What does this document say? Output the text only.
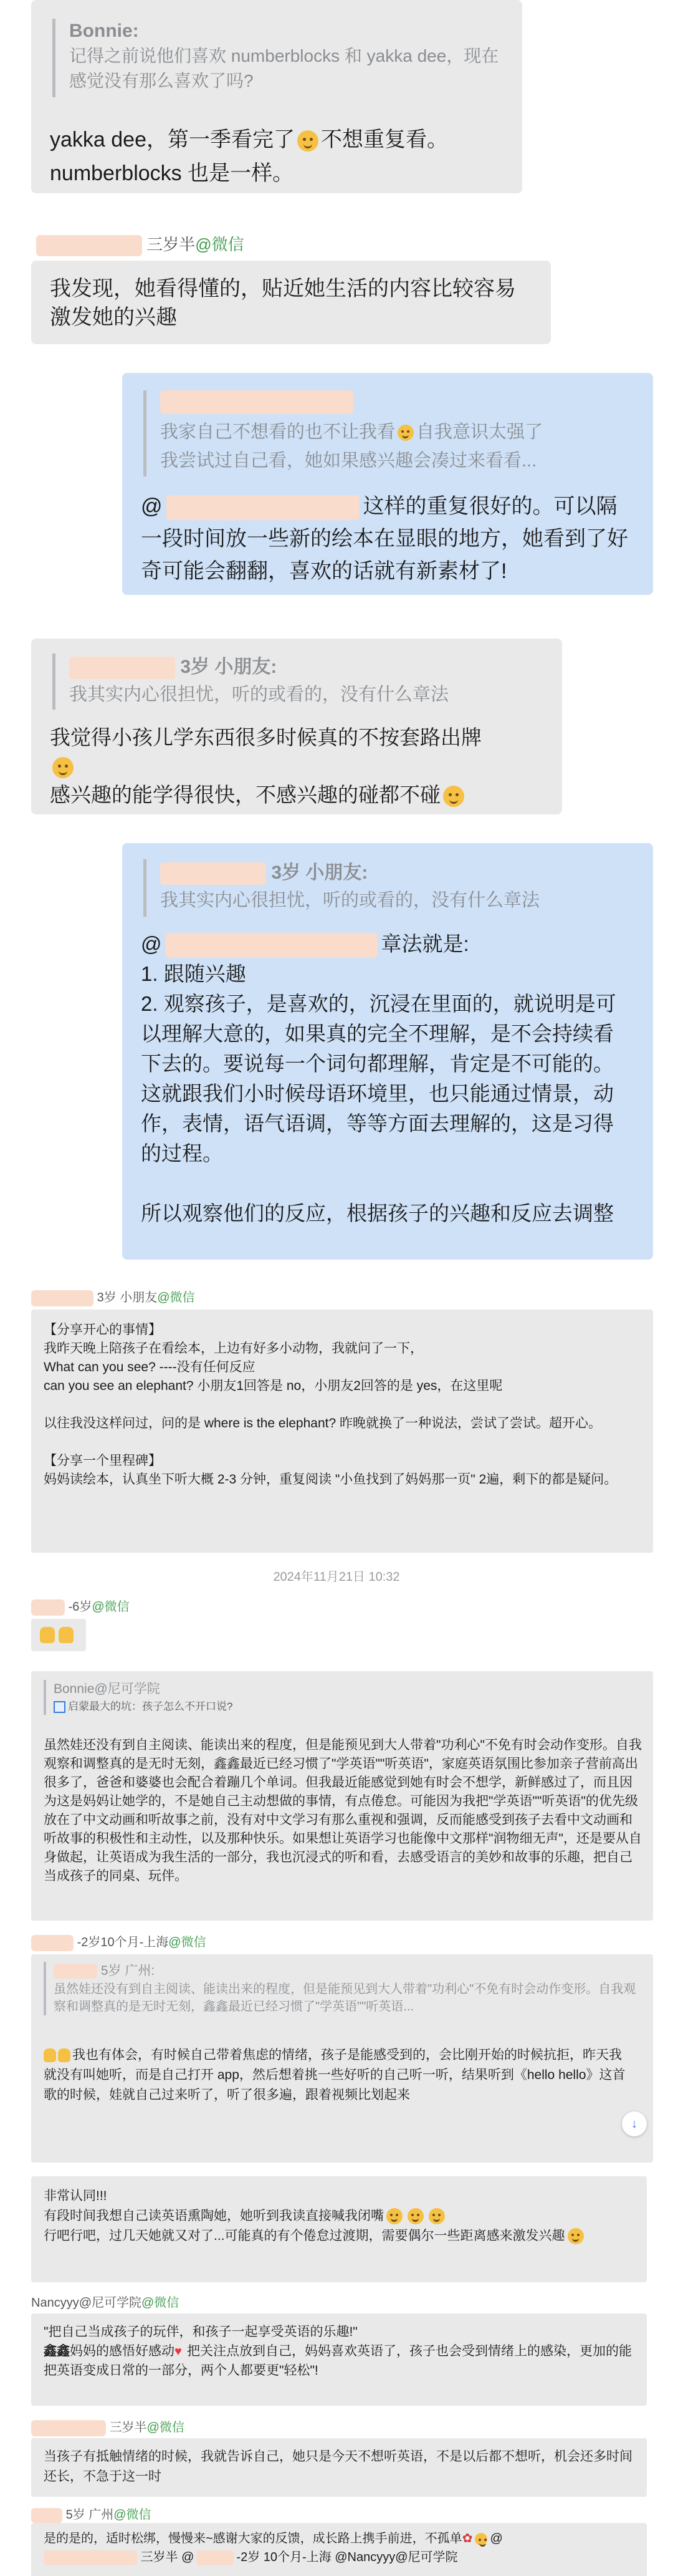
Bonnie:

记得之前说他们喜欢 numberblocks 和 yakka dee，现在感觉没有那么喜欢了吗?

yakka dee，第一季看完了 不想重复看。

numberblocks 也是一样。

三岁半@微信

我发现，她看得懂的，贴近她生活的内容比较容易激发她的兴趣

我家自己不想看的也不让我看 自我意识太强了

我尝试过自己看，她如果感兴趣会凑过来看看...

@	这样的重复很好的。可以隔一段时间放一些新的绘本在显眼的地方，她看到了好奇可能会翻翻，喜欢的话就有新素材了!

3岁 小朋友:

我其实内心很担忧，听的或看的，没有什么章法

我觉得小孩儿学东西很多时候真的不按套路出牌

感兴趣的能学得很快，不感兴趣的碰都不碰

3岁 小朋友:

我其实内心很担忧，听的或看的，没有什么章法

@	章法就是:

1. 跟随兴趣

2. 观察孩子，是喜欢的，沉浸在里面的，就说明是可以理解大意的，如果真的完全不理解，是不会持续看下去的。要说每一个词句都理解，肯定是不可能的。这就跟我们小时候母语环境里，也只能通过情景，动作，表情，语气语调，等等方面去理解的，这是习得的过程。

所以观察他们的反应，根据孩子的兴趣和反应去调整

3岁 小朋友@微信

【分享开心的事情】

我昨天晚上陪孩子在看绘本，上边有好多小动物，我就问了一下，

What can you see? ----没有任何反应

can you see an elephant? 小朋友1回答是 no，小朋友2回答的是 yes，在这里呢

以往我没这样问过，问的是 where is the elephant? 昨晚就换了一种说法，尝试了尝试。超开心。

【分享一个里程碑】

妈妈读绘本，认真坐下听大概 2-3 分钟，重复阅读 "小鱼找到了妈妈那一页" 2遍，剩下的都是疑问。

2024年11月21日 10:32

-6岁@微信

Bonnie@尼可学院

启蒙最大的坑：孩子怎么不开口说?

虽然娃还没有到自主阅读、能读出来的程度，但是能预见到大人带着"功利心"不免有时会动作变形。自我观察和调整真的是无时无刻，鑫鑫最近已经习惯了"学英语""听英语"，家庭英语氛围比参加亲子营前高出很多了，爸爸和婆婆也会配合着蹦几个单词。但我最近能感觉到她有时会不想学，新鲜感过了，而且因为这是妈妈让她学的，不是她自己主动想做的事情，有点倦怠。可能因为我把"学英语""听英语"的优先级放在了中文动画和听故事之前，没有对中文学习有那么重视和强调，反而能感受到孩子去看中文动画和听故事的积极性和主动性，以及那种快乐。如果想让英语学习也能像中文那样"润物细无声"，还是要从自身做起，让英语成为我生活的一部分，我也沉浸式的听和看，去感受语言的美妙和故事的乐趣，把自己当成孩子的同桌、玩伴。

-2岁10个月-上海@微信

5岁 广州:

虽然娃还没有到自主阅读、能读出来的程度，但是能预见到大人带着"功利心"不免有时会动作变形。自我观察和调整真的是无时无刻，鑫鑫最近已经习惯了"学英语""听英语...

我也有体会，有时候自己带着焦虑的情绪，孩子是能感受到的，会比刚开始的时候抗拒，昨天我就没有叫她听，而是自己打开 app，然后想着挑一些好听的自己听一听，结果听到《hello hello》这首歌的时候，娃就自己过来听了，听了很多遍，跟着视频比划起来

↓

非常认同!!!

有段时间我想自己读英语熏陶她，她听到我读直接喊我闭嘴

行吧行吧，过几天她就又对了...可能真的有个倦怠过渡期，需要偶尔一些距离感来激发兴趣

Nancyyy@尼可学院@微信

"把自己当成孩子的玩伴，和孩子一起享受英语的乐趣!"

鑫鑫妈妈的感悟好感动♥ 把关注点放到自己，妈妈喜欢英语了，孩子也会受到情绪上的感染，更加的能把英语变成日常的一部分，两个人都要更"轻松"!

三岁半@微信

当孩子有抵触情绪的时候，我就告诉自己，她只是今天不想听英语，不是以后都不想听，机会还多时间还长，不急于这一时

5岁 广州@微信

是的是的，适时松绑，慢慢来~感谢大家的反馈，成长路上携手前进，不孤单✿ @

三岁半 @	-2岁 10个月-上海 @Nancyyy@尼可学院
